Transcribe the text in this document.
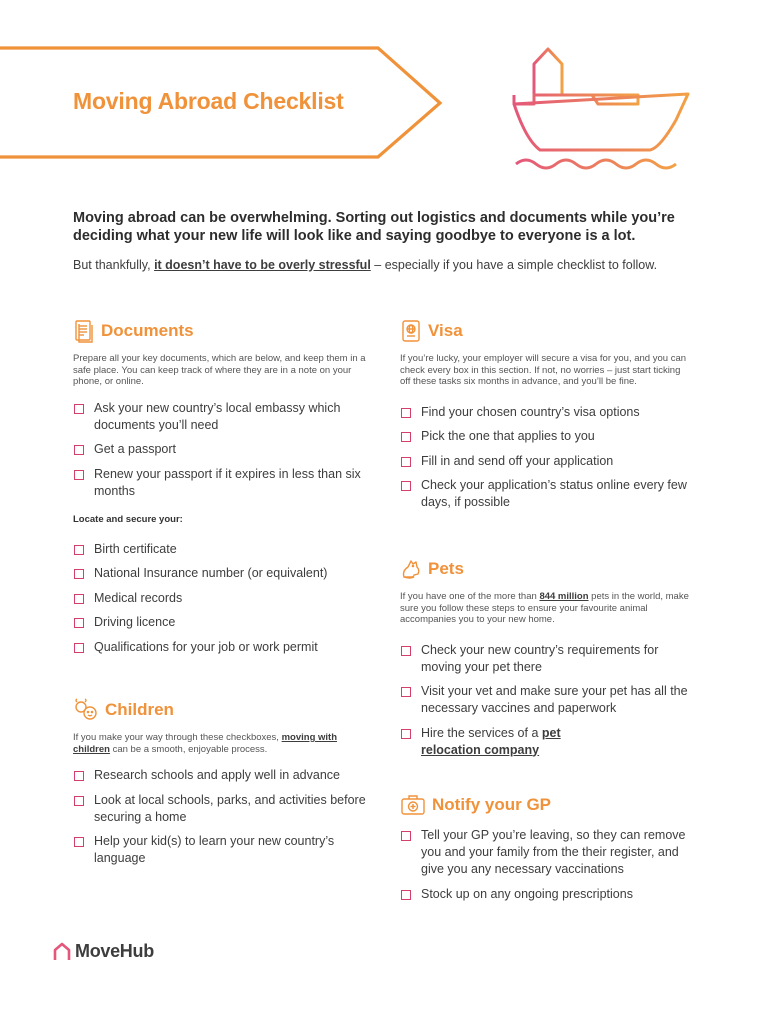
Moving Abroad Checklist

Moving abroad can be overwhelming. Sorting out logistics and documents while you’re deciding what your new life will look like and saying goodbye to everyone is a lot.

But thankfully, it doesn’t have to be overly stressful – especially if you have a simple checklist to follow.

Documents

Prepare all your key documents, which are below, and keep them in a safe place. You can keep track of where they are in a note on your phone, or online.

Ask your new country’s local embassy which documents you’ll need
Get a passport
Renew your passport if it expires in less than six months

Locate and secure your:

Birth certificate
National Insurance number (or equivalent)
Medical records
Driving licence
Qualifications for your job or work permit
Children

If you make your way through these checkboxes, moving with children can be a smooth, enjoyable process.

Research schools and apply well in advance
Look at local schools, parks, and activities before securing a home
Help your kid(s) to learn your new country’s language
Visa

If you’re lucky, your employer will secure a visa for you, and you can check every box in this section. If not, no worries – just start ticking off these tasks six months in advance, and you’ll be fine.

Find your chosen country’s visa options
Pick the one that applies to you
Fill in and send off your application
Check your application’s status online every few days, if possible
Pets

If you have one of the more than 844 million pets in the world, make sure you follow these steps to ensure your favourite animal accompanies you to your new home.

Check your new country’s requirements for moving your pet there
Visit your vet and make sure your pet has all the necessary vaccines and paperwork
Hire the services of a pet relocation company
Notify your GP
Tell your GP you’re leaving, so they can remove you and your family from the their register, and give you any necessary vaccinations
Stock up on any ongoing prescriptions
MoveHub
